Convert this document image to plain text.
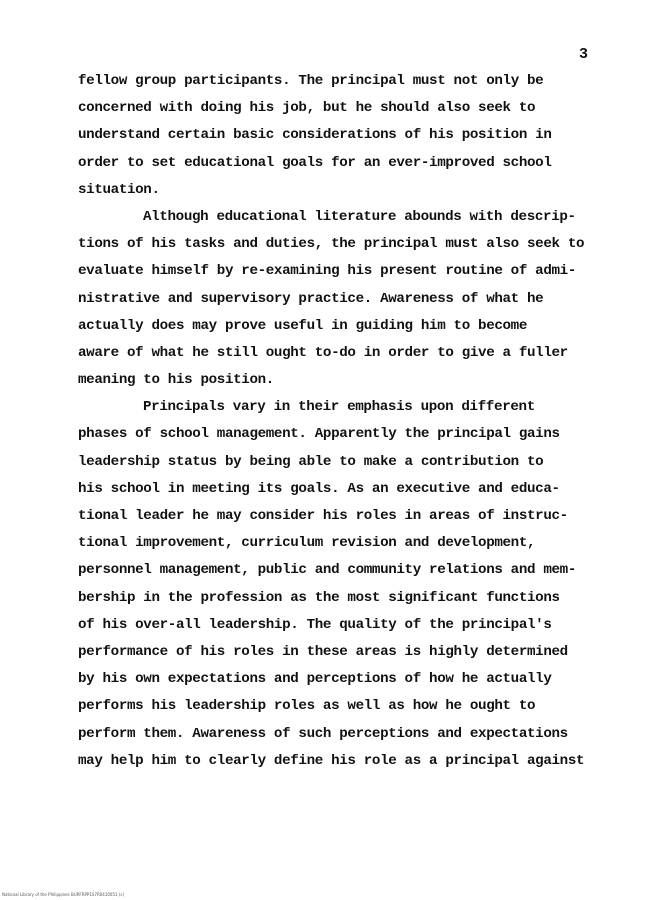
3
fellow group participants. The principal must not only be
concerned with doing his job, but he should also seek to
understand certain basic considerations of his position in
order to set educational goals for an ever-improved school
situation.
Although educational literature abounds with descrip-
tions of his tasks and duties, the principal must also seek to
evaluate himself by re-examining his present routine of admi-
nistrative and supervisory practice. Awareness of what he
actually does may prove useful in guiding him to become
aware of what he still ought to-do in order to give a fuller
meaning to his position.
Principals vary in their emphasis upon different
phases of school management. Apparently the principal gains
leadership status by being able to make a contribution to
his school in meeting its goals. As an executive and educa-
tional leader he may consider his roles in areas of instruc-
tional improvement, curriculum revision and development,
personnel management, public and community relations and mem-
bership in the profession as the most significant functions
of his over-all leadership. The quality of the principal's
performance of his roles in these areas is highly determined
by his own expectations and perceptions of how he actually
performs his leadership roles as well as how he ought to
perform them. Awareness of such perceptions and expectations
may help him to clearly define his role as a principal against
National Library of the Philippines BURFRPP1S7R0410051 (c)
